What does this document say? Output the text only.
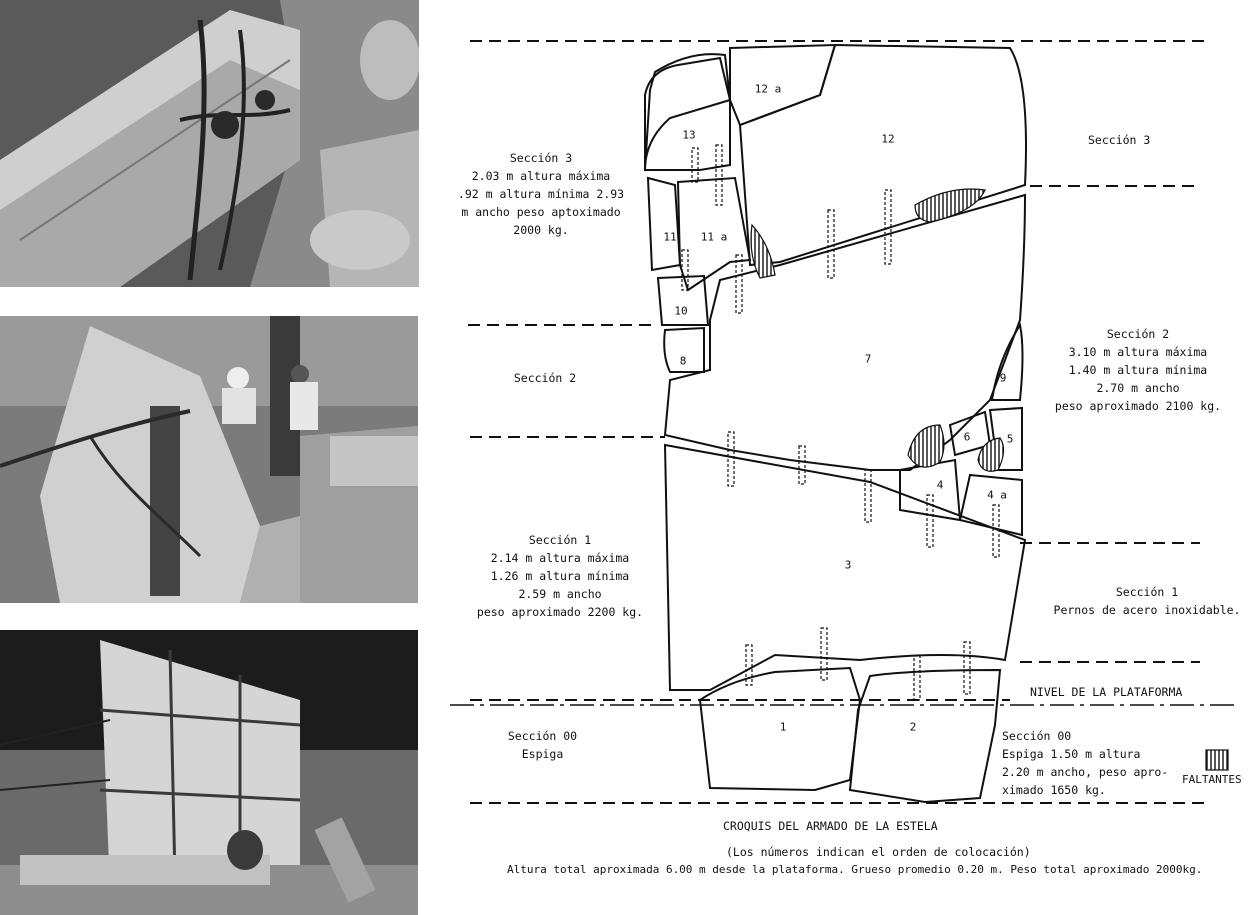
12 a
12
13
11 11 a
10
8	7
9
6	5
4
4 a
3
1	2

Sección 3
2.03 m altura máxima
.92 m altura mínima 2.93
m ancho peso aptoximado
2000 kg.

Sección 2

Sección 1
2.14 m altura máxima
1.26 m altura mínima
2.59 m ancho
peso aproximado 2200 kg.

Sección 00
Espiga

Sección 3

Sección 2
3.10 m altura máxima
1.40 m altura mínima
2.70 m ancho
peso aproximado 2100 kg.

Sección 1
Pernos de acero inoxidable.

NIVEL DE LA PLATAFORMA

Sección 00
Espiga 1.50 m altura
2.20 m ancho, peso apro-
ximado 1650 kg.

FALTANTES

CROQUIS DEL ARMADO DE LA ESTELA

(Los números indican el orden de colocación)

Altura total aproximada 6.00 m desde la plataforma. Grueso promedio 0.20 m. Peso total aproximado 2000kg.
